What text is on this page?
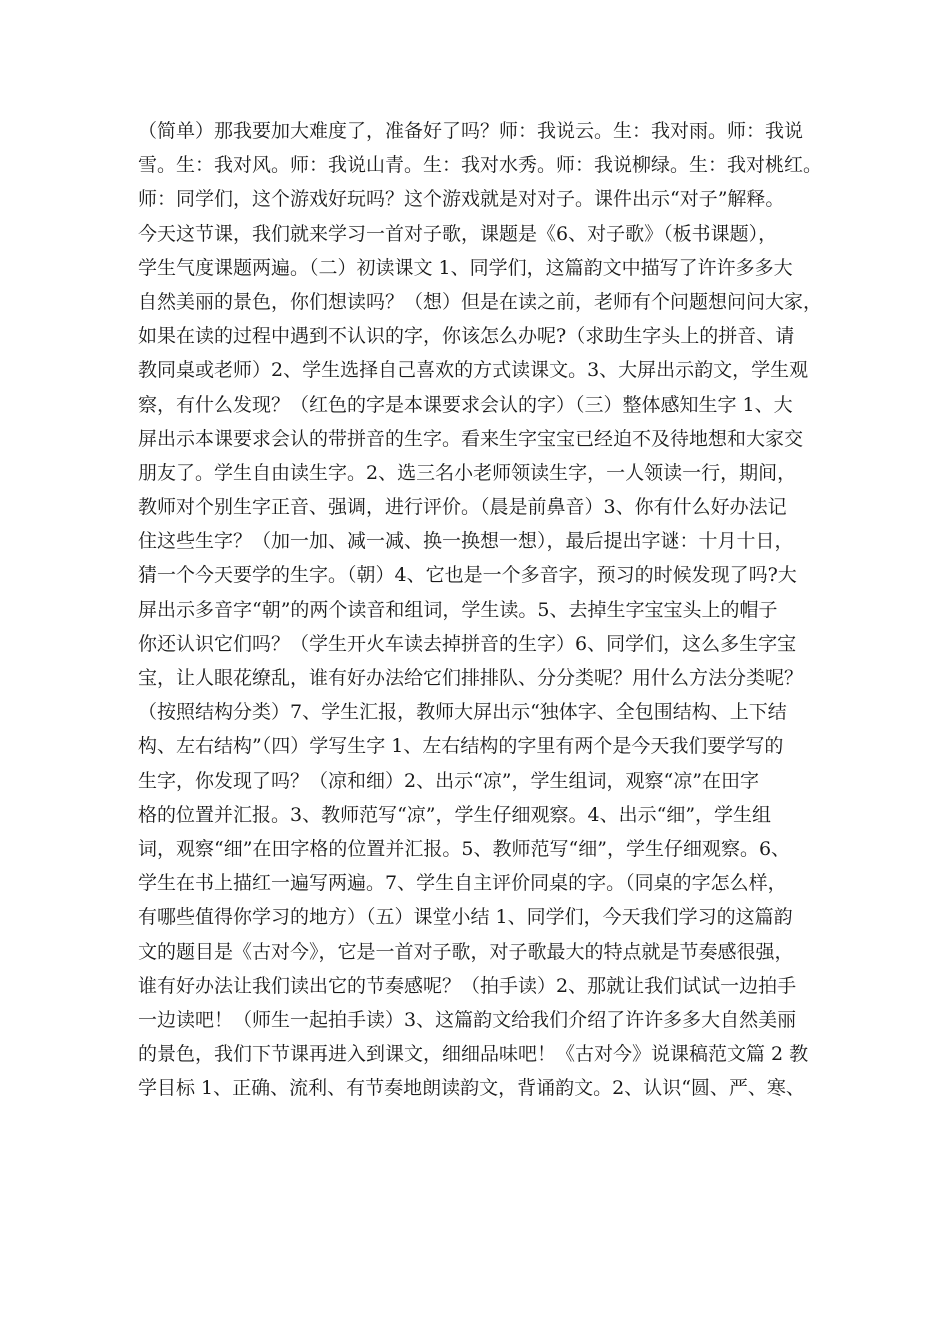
（简单）那我要加大难度了，准备好了吗？师：我说云。生：我对雨。师：我说
雪。生：我对风。师：我说山青。生：我对水秀。师：我说柳绿。生：我对桃红。
师：同学们，这个游戏好玩吗？这个游戏就是对对子。课件出示“对子”解释。
今天这节课，我们就来学习一首对子歌，课题是《6、对子歌》（板书课题），
学生气度课题两遍。（二）初读课文 1、同学们，这篇韵文中描写了许许多多大
自然美丽的景色，你们想读吗？（想）但是在读之前，老师有个问题想问问大家，
如果在读的过程中遇到不认识的字，你该怎么办呢?（求助生字头上的拼音、请
教同桌或老师）2、学生选择自己喜欢的方式读课文。3、大屏出示韵文，学生观
察，有什么发现？（红色的字是本课要求会认的字）（三）整体感知生字 1、大
屏出示本课要求会认的带拼音的生字。看来生字宝宝已经迫不及待地想和大家交
朋友了。学生自由读生字。2、选三名小老师领读生字，一人领读一行，期间，
教师对个别生字正音、强调，进行评价。（晨是前鼻音）3、你有什么好办法记
住这些生字？（加一加、减一减、换一换想一想），最后提出字谜：十月十日，
猜一个今天要学的生字。（朝）4、它也是一个多音字，预习的时候发现了吗?大
屏出示多音字“朝”的两个读音和组词，学生读。5、去掉生字宝宝头上的帽子
你还认识它们吗？（学生开火车读去掉拼音的生字）6、同学们，这么多生字宝
宝，让人眼花缭乱，谁有好办法给它们排排队、分分类呢？用什么方法分类呢？
（按照结构分类）7、学生汇报，教师大屏出示“独体字、全包围结构、上下结
构、左右结构”（四）学写生字 1、左右结构的字里有两个是今天我们要学写的
生字，你发现了吗？（凉和细）2、出示“凉”，学生组词，观察“凉”在田字
格的位置并汇报。3、教师范写“凉”，学生仔细观察。4、出示“细”，学生组
词，观察“细”在田字格的位置并汇报。5、教师范写“细”，学生仔细观察。6、
学生在书上描红一遍写两遍。7、学生自主评价同桌的字。（同桌的字怎么样，
有哪些值得你学习的地方）（五）课堂小结 1、同学们，今天我们学习的这篇韵
文的题目是《古对今》，它是一首对子歌，对子歌最大的特点就是节奏感很强，
谁有好办法让我们读出它的节奏感呢？（拍手读）2、那就让我们试试一边拍手
一边读吧！（师生一起拍手读）3、这篇韵文给我们介绍了许许多多大自然美丽
的景色，我们下节课再进入到课文，细细品味吧！《古对今》说课稿范文篇 2 教
学目标 1、正确、流利、有节奏地朗读韵文，背诵韵文。2、认识“圆、严、寒、
